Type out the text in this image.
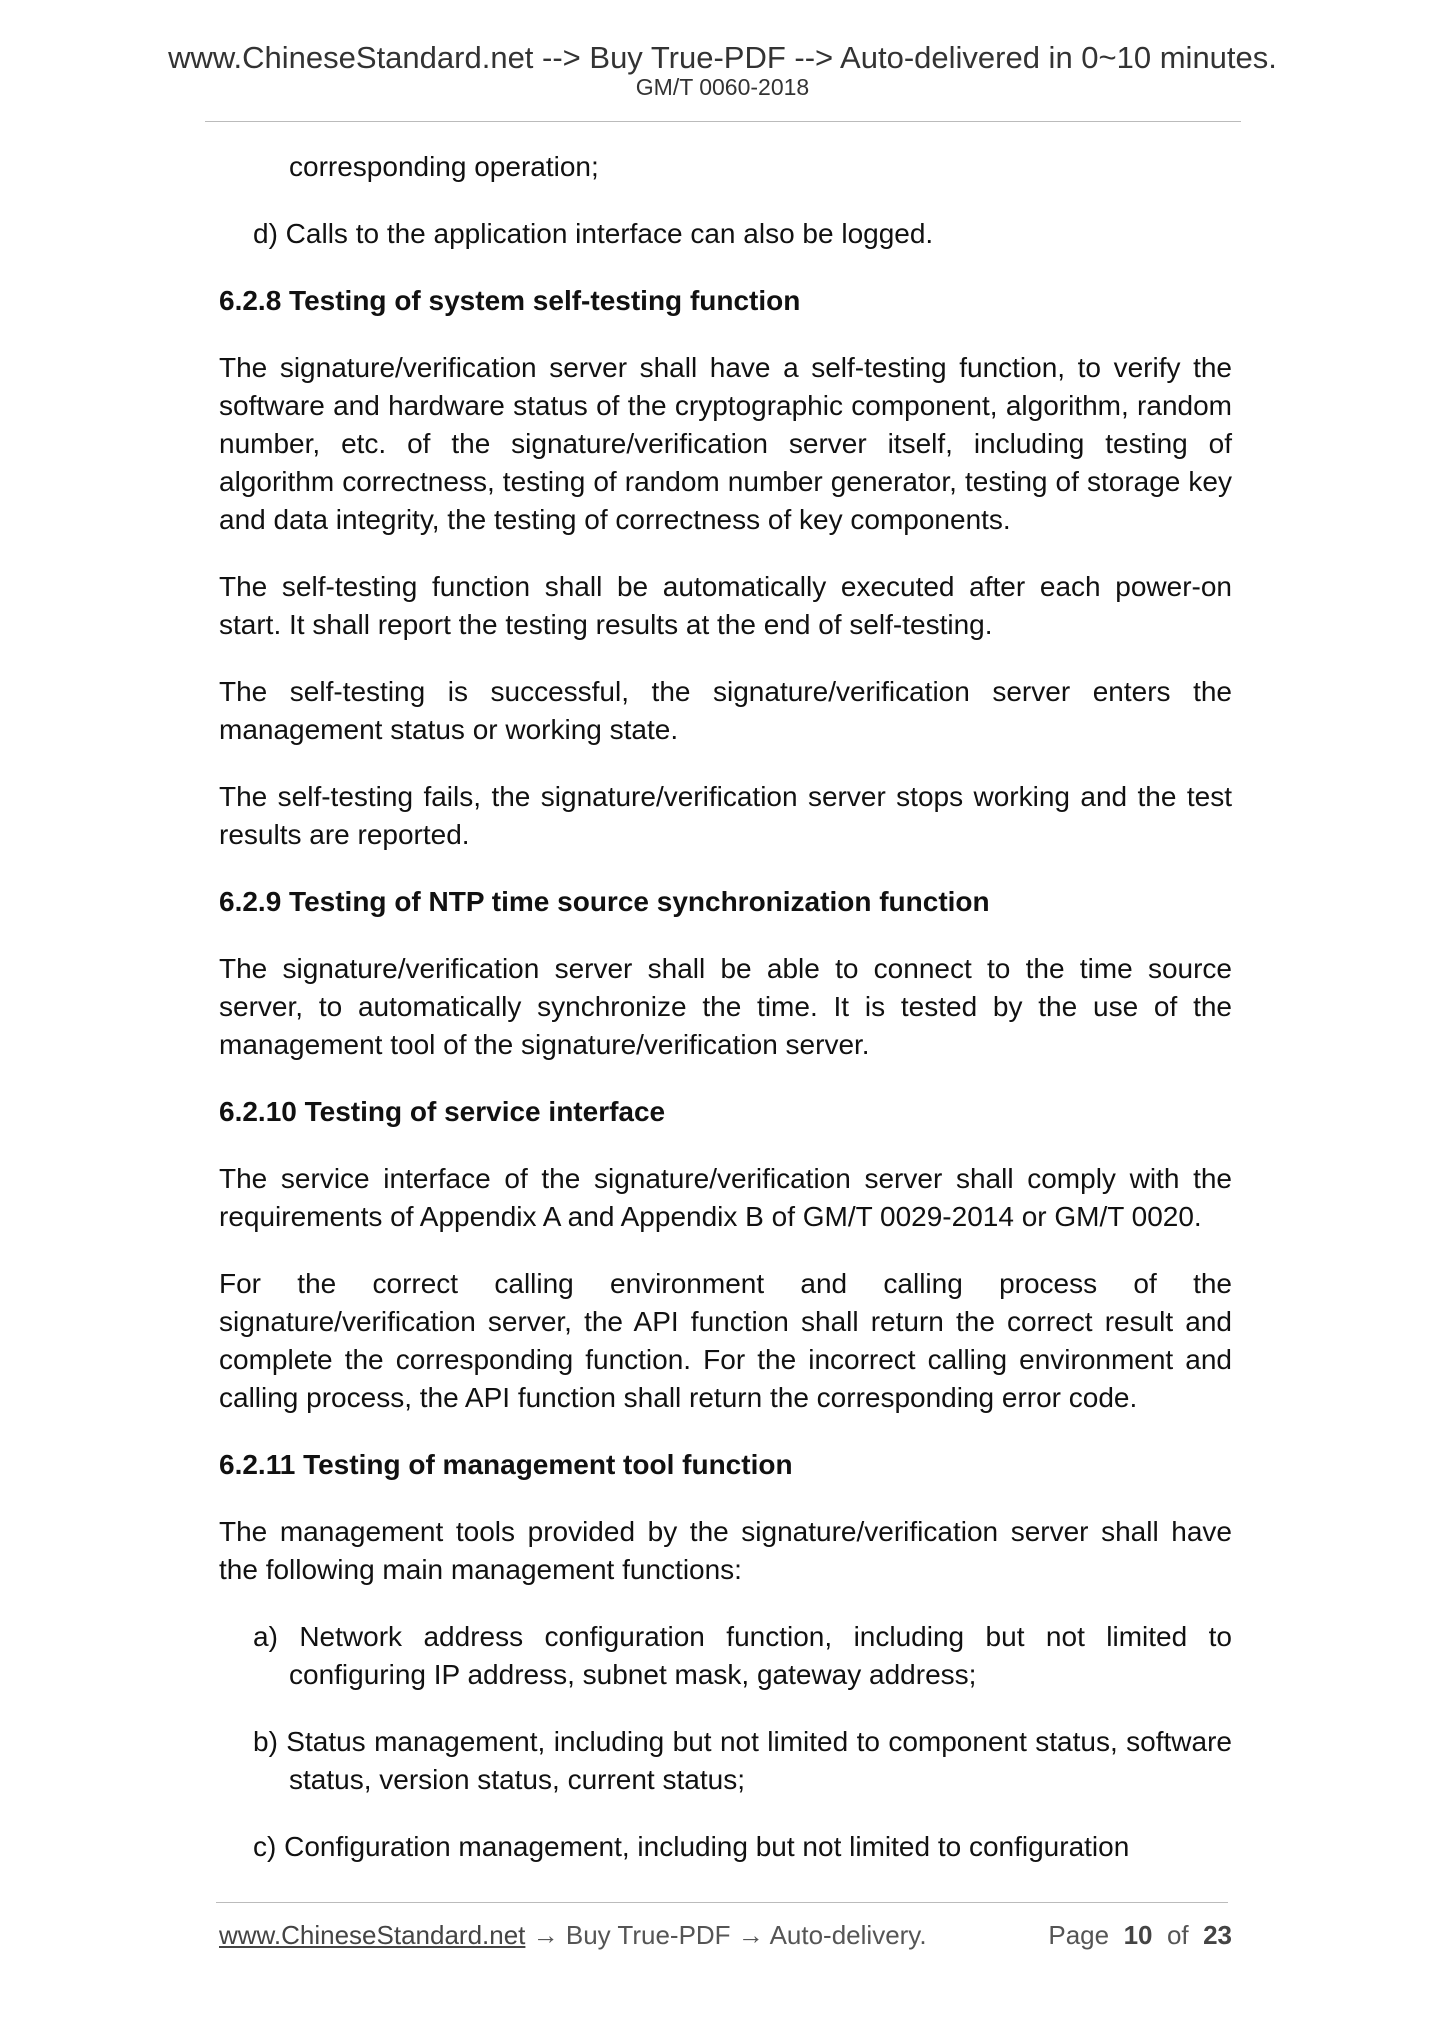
www.ChineseStandard.net --> Buy True-PDF --> Auto-delivered in 0~10 minutes.
GM/T 0060-2018

corresponding operation;

d) Calls to the application interface can also be logged.

6.2.8 Testing of system self-testing function

The signature/verification server shall have a self-testing function, to verify the software and hardware status of the cryptographic component, algorithm, random number, etc. of the signature/verification server itself, including testing of algorithm correctness, testing of random number generator, testing of storage key and data integrity, the testing of correctness of key components.

The self-testing function shall be automatically executed after each power-on start. It shall report the testing results at the end of self-testing.

The self-testing is successful, the signature/verification server enters the management status or working state.

The self-testing fails, the signature/verification server stops working and the test results are reported.

6.2.9 Testing of NTP time source synchronization function

The signature/verification server shall be able to connect to the time source server, to automatically synchronize the time. It is tested by the use of the management tool of the signature/verification server.

6.2.10 Testing of service interface

The service interface of the signature/verification server shall comply with the requirements of Appendix A and Appendix B of GM/T 0029-2014 or GM/T 0020.

For the correct calling environment and calling process of the signature/verification server, the API function shall return the correct result and complete the corresponding function. For the incorrect calling environment and calling process, the API function shall return the corresponding error code.

6.2.11 Testing of management tool function

The management tools provided by the signature/verification server shall have the following main management functions:

a) Network address configuration function, including but not limited to configuring IP address, subnet mask, gateway address;

b) Status management, including but not limited to component status, software status, version status, current status;

c) Configuration management, including but not limited to configuration

www.ChineseStandard.net → Buy True-PDF → Auto-delivery.	Page 10 of 23
